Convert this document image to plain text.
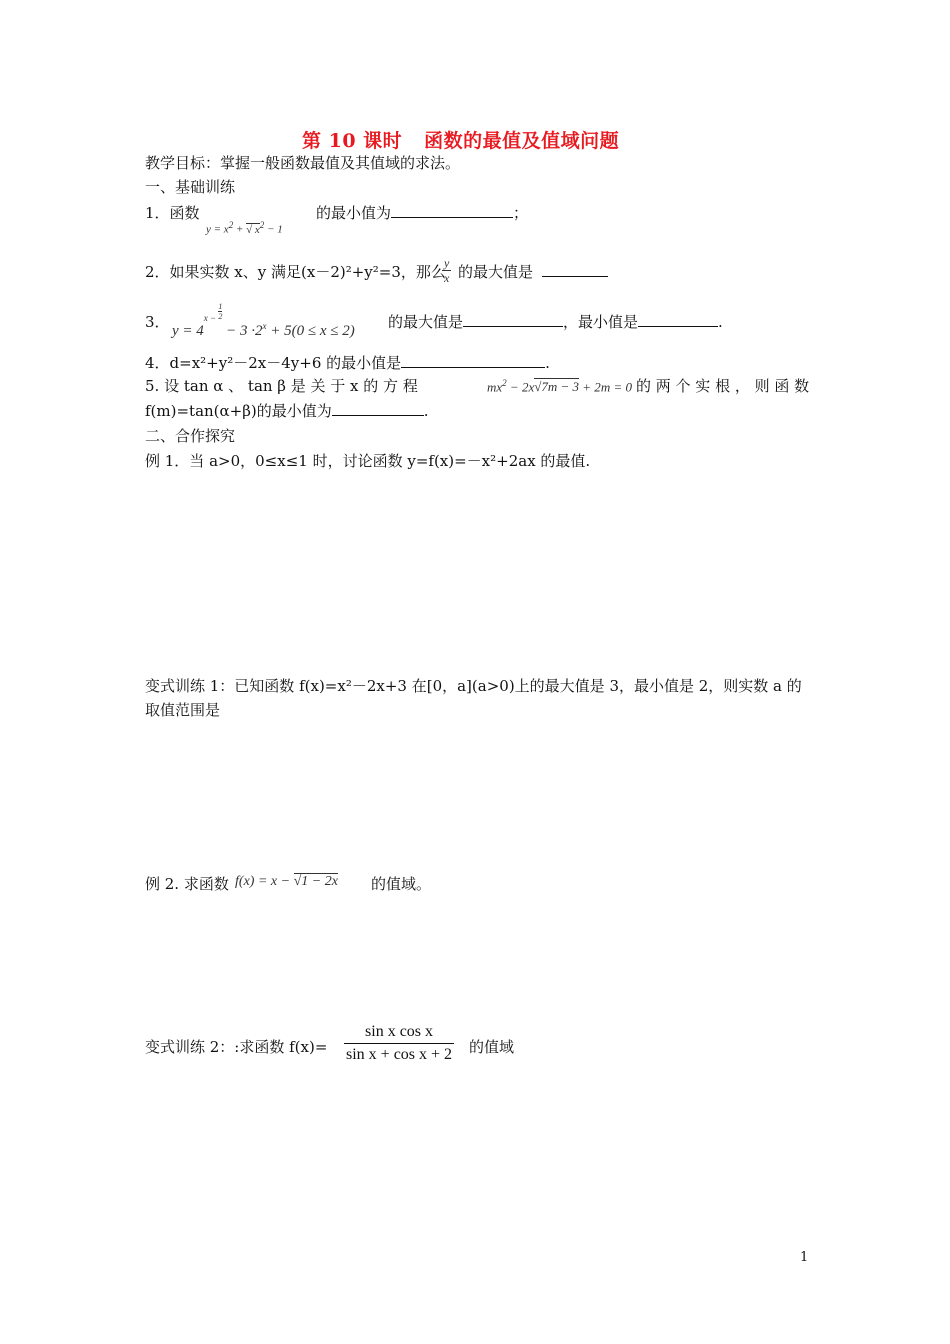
第 10 课时 函数的最值及值域问题
教学目标：掌握一般函数最值及其值域的求法。
一、基础训练
1．函数
$y = x^2$ + √ $x^2 - 1$
的最小值为	；
2．如果实数 x、y 满足(x－2)²+y²=3，那么
y
x 的最大值是
3． $y = 4^{x -} \frac{1}{2}$
− $3 \cdot 2^x + 5(0 \le x \le 2)$ 的最大值是	，最小值是	.
4．d=x²+y²－2x－4y+6 的最小值是	.
5. 设 tan α 、 tan β 是 关 于 x 的 方 程	$mx^2 - 2x√7m - 3 + 2m = 0$ 的 两 个 实 根 ， 则 函 数
f(m)=tan(α+β)的最小值为	.
二、合作探究
例 1．当 a>0，0≤x≤1 时，讨论函数 y=f(x)=－x²+2ax 的最值.
变式训练 1：已知函数 f(x)=x²－2x+3 在[0，a](a>0)上的最大值是 3，最小值是 2，则实数 a 的
取值范围是
例 2. 求函数 f(x) = x − √1 − 2x 的值域。
变式训练 2：:求函数 $f(x)= \frac{\text{sin x cos x}}{\text{sin x + cos x + 2}}$ 的值域
1
